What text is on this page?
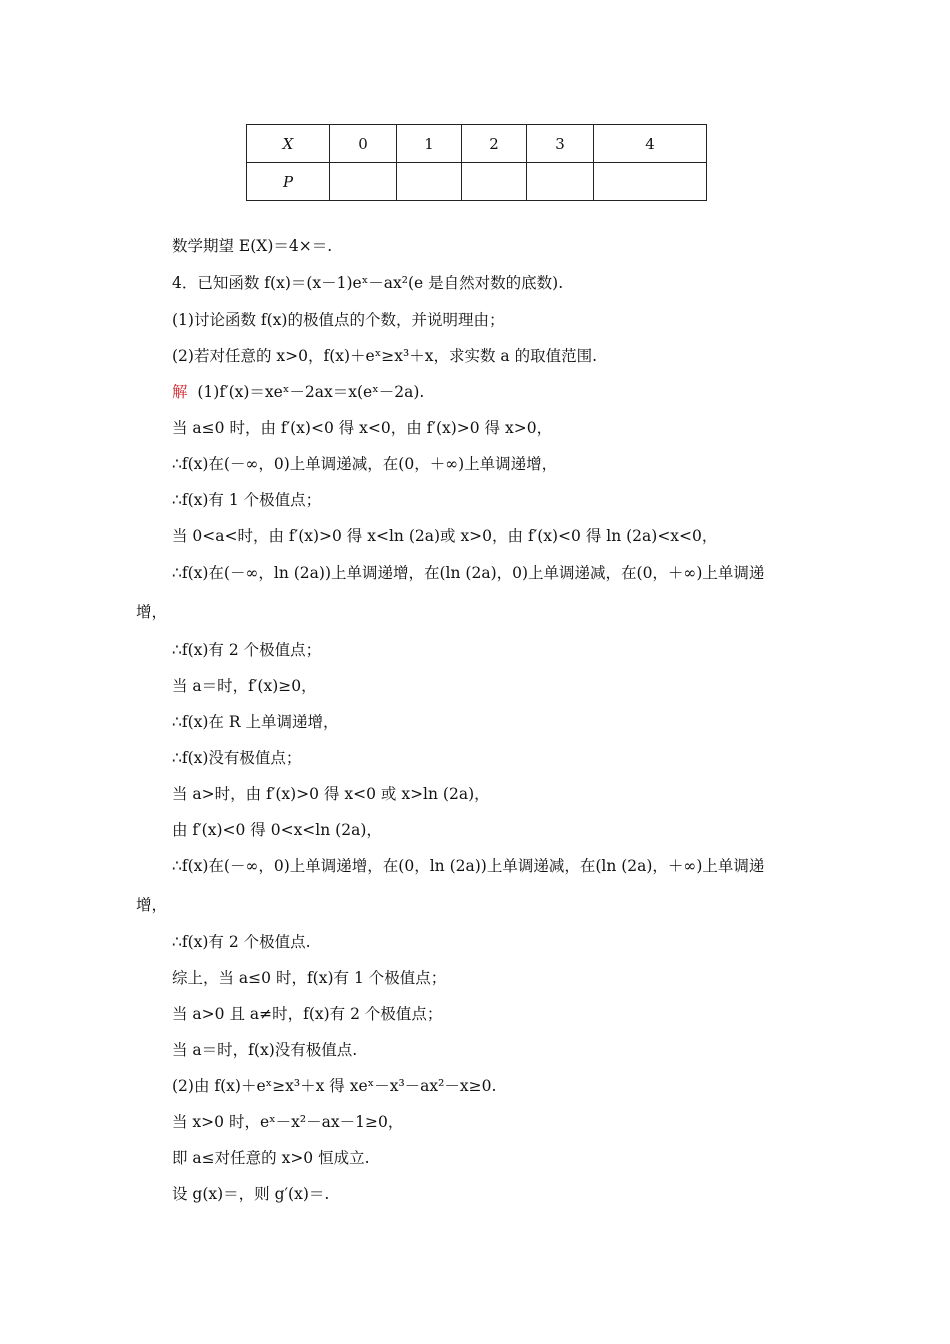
X	0	1	2	3	4
P					
数学期望 E(X)＝4×＝.
4．已知函数 f(x)＝(x－1)eˣ－ax²(e 是自然对数的底数).
(1)讨论函数 f(x)的极值点的个数，并说明理由；
(2)若对任意的 x>0，f(x)＋eˣ≥x³＋x，求实数 a 的取值范围.
解 (1)f′(x)＝xeˣ－2ax＝x(eˣ－2a).
当 a≤0 时，由 f′(x)<0 得 x<0，由 f′(x)>0 得 x>0，
∴f(x)在(－∞，0)上单调递减，在(0，＋∞)上单调递增，
∴f(x)有 1 个极值点；
当 0<a<时，由 f′(x)>0 得 x<ln (2a)或 x>0，由 f′(x)<0 得 ln (2a)<x<0，
∴f(x)在(－∞，ln (2a))上单调递增，在(ln (2a)，0)上单调递减，在(0，＋∞)上单调递
增，
∴f(x)有 2 个极值点；
当 a＝时，f′(x)≥0，
∴f(x)在 R 上单调递增，
∴f(x)没有极值点；
当 a>时，由 f′(x)>0 得 x<0 或 x>ln (2a)，
由 f′(x)<0 得 0<x<ln (2a)，
∴f(x)在(－∞，0)上单调递增，在(0，ln (2a))上单调递减，在(ln (2a)，＋∞)上单调递
增，
∴f(x)有 2 个极值点.
综上，当 a≤0 时，f(x)有 1 个极值点；
当 a>0 且 a≠时，f(x)有 2 个极值点；
当 a＝时，f(x)没有极值点.
(2)由 f(x)＋eˣ≥x³＋x 得 xeˣ－x³－ax²－x≥0.
当 x>0 时，eˣ－x²－ax－1≥0，
即 a≤对任意的 x>0 恒成立.
设 g(x)＝，则 g′(x)＝.
